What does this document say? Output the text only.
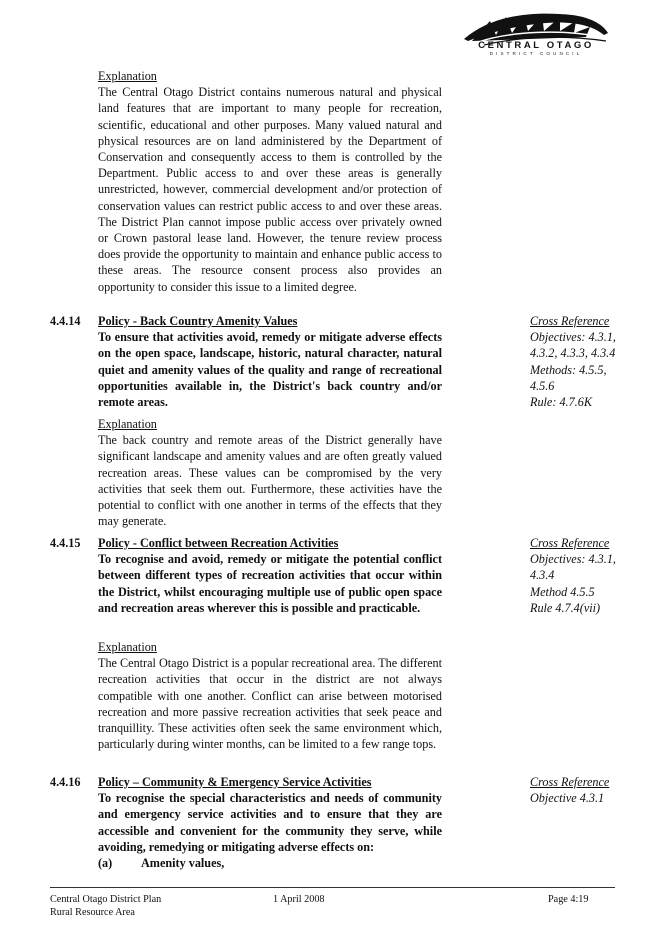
CENTRAL OTAGO
DISTRICT COUNCIL
Explanation
The Central Otago District contains numerous natural and physical land features that are important to many people for recreation, scientific, educational and other purposes. Many valued natural and physical resources are on land administered by the Department of Conservation and consequently access to them is controlled by the Department. Public access to and over these areas is generally unrestricted, however, commercial development and/or protection of conservation values can restrict public access to and over these areas. The District Plan cannot impose public access over privately owned or Crown pastoral lease land. However, the tenure review process does provide the opportunity to maintain and enhance public access to these areas. The resource consent process also provides an opportunity to consider this issue to a limited degree.
4.4.14 Policy - Back Country Amenity Values
To ensure that activities avoid, remedy or mitigate adverse effects on the open space, landscape, historic, natural character, natural quiet and amenity values of the quality and range of recreational opportunities available in, the District's back country and/or remote areas.
Explanation
The back country and remote areas of the District generally have significant landscape and amenity values and are often greatly valued recreation areas. These values can be compromised by the very activities that seek them out. Furthermore, these activities have the potential to conflict with one another in terms of the effects that they may generate.
Cross Reference
Objectives: 4.3.1,
4.3.2, 4.3.3, 4.3.4
Methods: 4.5.5,
4.5.6
Rule: 4.7.6K
4.4.15 Policy - Conflict between Recreation Activities
To recognise and avoid, remedy or mitigate the potential conflict between different types of recreation activities that occur within the District, whilst encouraging multiple use of public open space and recreation areas wherever this is possible and practicable.
Explanation
The Central Otago District is a popular recreational area. The different recreation activities that occur in the district are not always compatible with one another. Conflict can arise between motorised recreation and more passive recreation activities that seek peace and tranquillity. These activities often seek the same environment which, particularly during winter months, can be limited to a few range tops.
Cross Reference
Objectives: 4.3.1,
4.3.4
Method 4.5.5
Rule 4.7.4(vii)
4.4.16 Policy – Community & Emergency Service Activities
To recognise the special characteristics and needs of community and emergency service activities and to ensure that they are accessible and convenient for the community they serve, while avoiding, remedying or mitigating adverse effects on:
(a) Amenity values,
Cross Reference
Objective 4.3.1
Central Otago District Plan
Rural Resource Area
1 April 2008	Page 4:19
